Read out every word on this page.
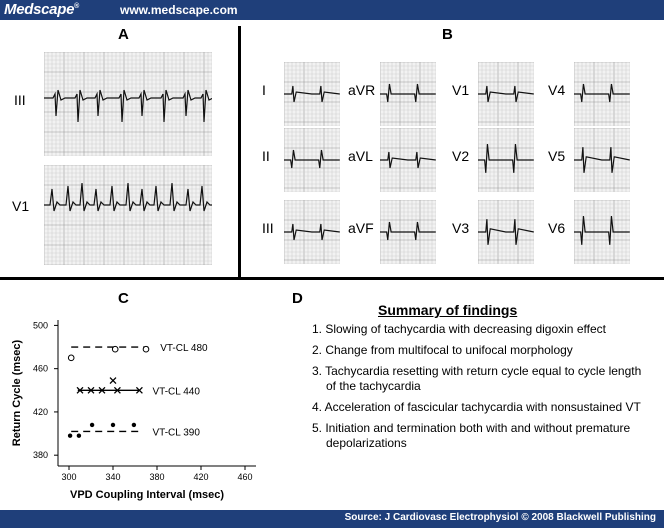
Medscape®	www.medscape.com
A
III
V1
B
I	aVR	V1	V4
II	aVL	V2	V5
III	aVF	V3	V6
C
380
420
460
500
300	340	380	420	460
VPD Coupling Interval (msec)
Return Cycle (msec)	VT-CL 480
VT-CL 440
VT-CL 390
D
Summary of findings
1. Slowing of tachycardia with decreasing digoxin effect
2. Change from multifocal to unifocal morphology
3. Tachycardia resetting with return cycle equal to cycle length of the tachycardia
4. Acceleration of fascicular tachycardia with nonsustained VT
5. Initiation and termination both with and without premature depolarizations
Source: J Cardiovasc Electrophysiol © 2008 Blackwell Publishing
